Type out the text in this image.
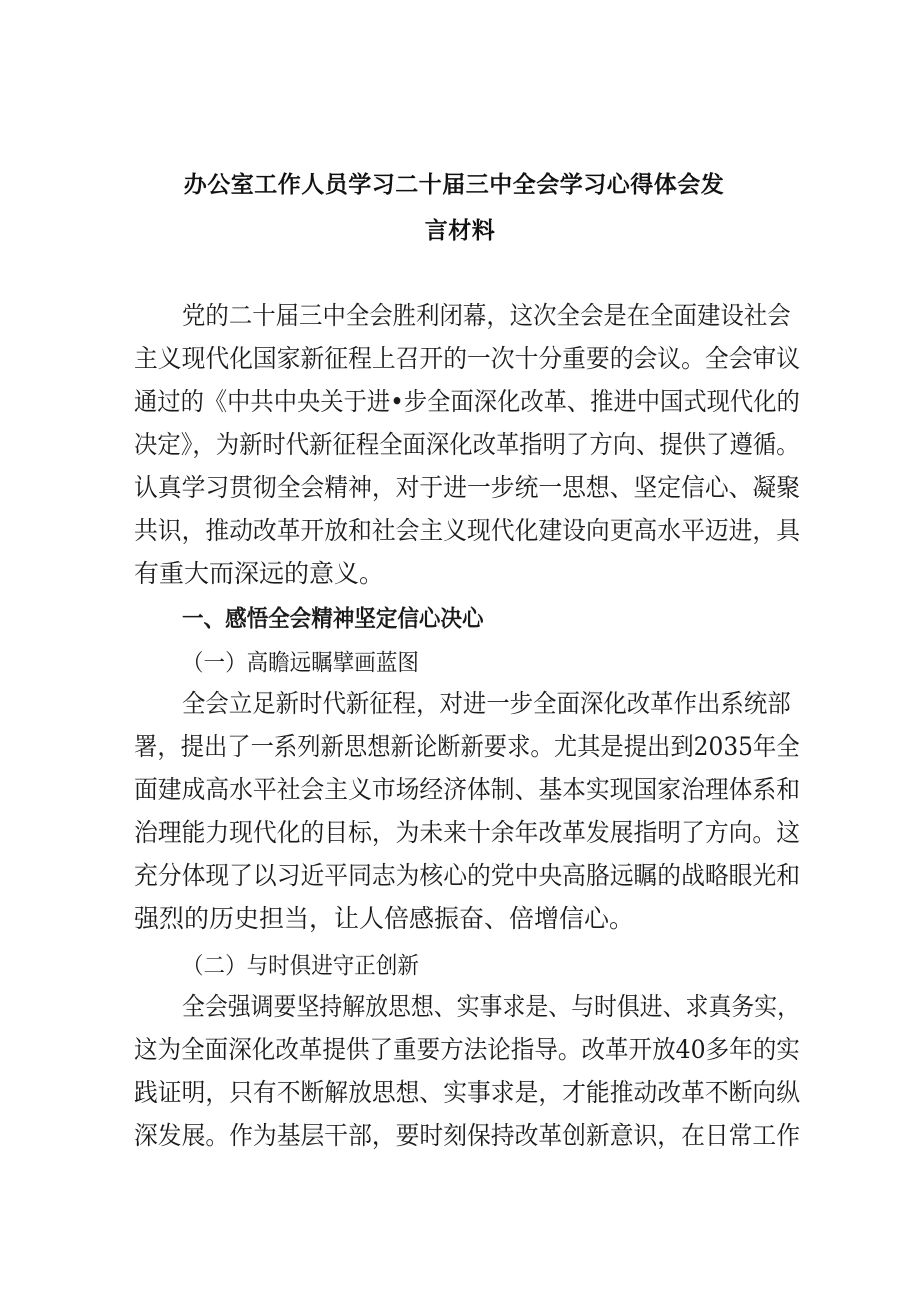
办公室工作人员学习二十届三中全会学习心得体会发
言材料
党的二十届三中全会胜利闭幕，这次全会是在全面建设社会
主义现代化国家新征程上召开的一次十分重要的会议。全会审议
通过的《中共中央关于进•步全面深化改革、推进中国式现代化的
决定》，为新时代新征程全面深化改革指明了方向、提供了遵循。
认真学习贯彻全会精神，对于进一步统一思想、坚定信心、凝聚
共识，推动改革开放和社会主义现代化建设向更高水平迈进，具
有重大而深远的意义。
一、感悟全会精神坚定信心决心
（一）高瞻远瞩擘画蓝图
全会立足新时代新征程，对进一步全面深化改革作出系统部
署，提出了一系列新思想新论断新要求。尤其是提出到2035年全
面建成高水平社会主义市场经济体制、基本实现国家治理体系和
治理能力现代化的目标，为未来十余年改革发展指明了方向。这
充分体现了以习近平同志为核心的党中央高胳远瞩的战略眼光和
强烈的历史担当，让人倍感振奋、倍增信心。
（二）与时俱进守正创新
全会强调要坚持解放思想、实事求是、与时俱进、求真务实，
这为全面深化改革提供了重要方法论指导。改革开放40多年的实
践证明，只有不断解放思想、实事求是，才能推动改革不断向纵
深发展。作为基层干部，要时刻保持改革创新意识，在日常工作
